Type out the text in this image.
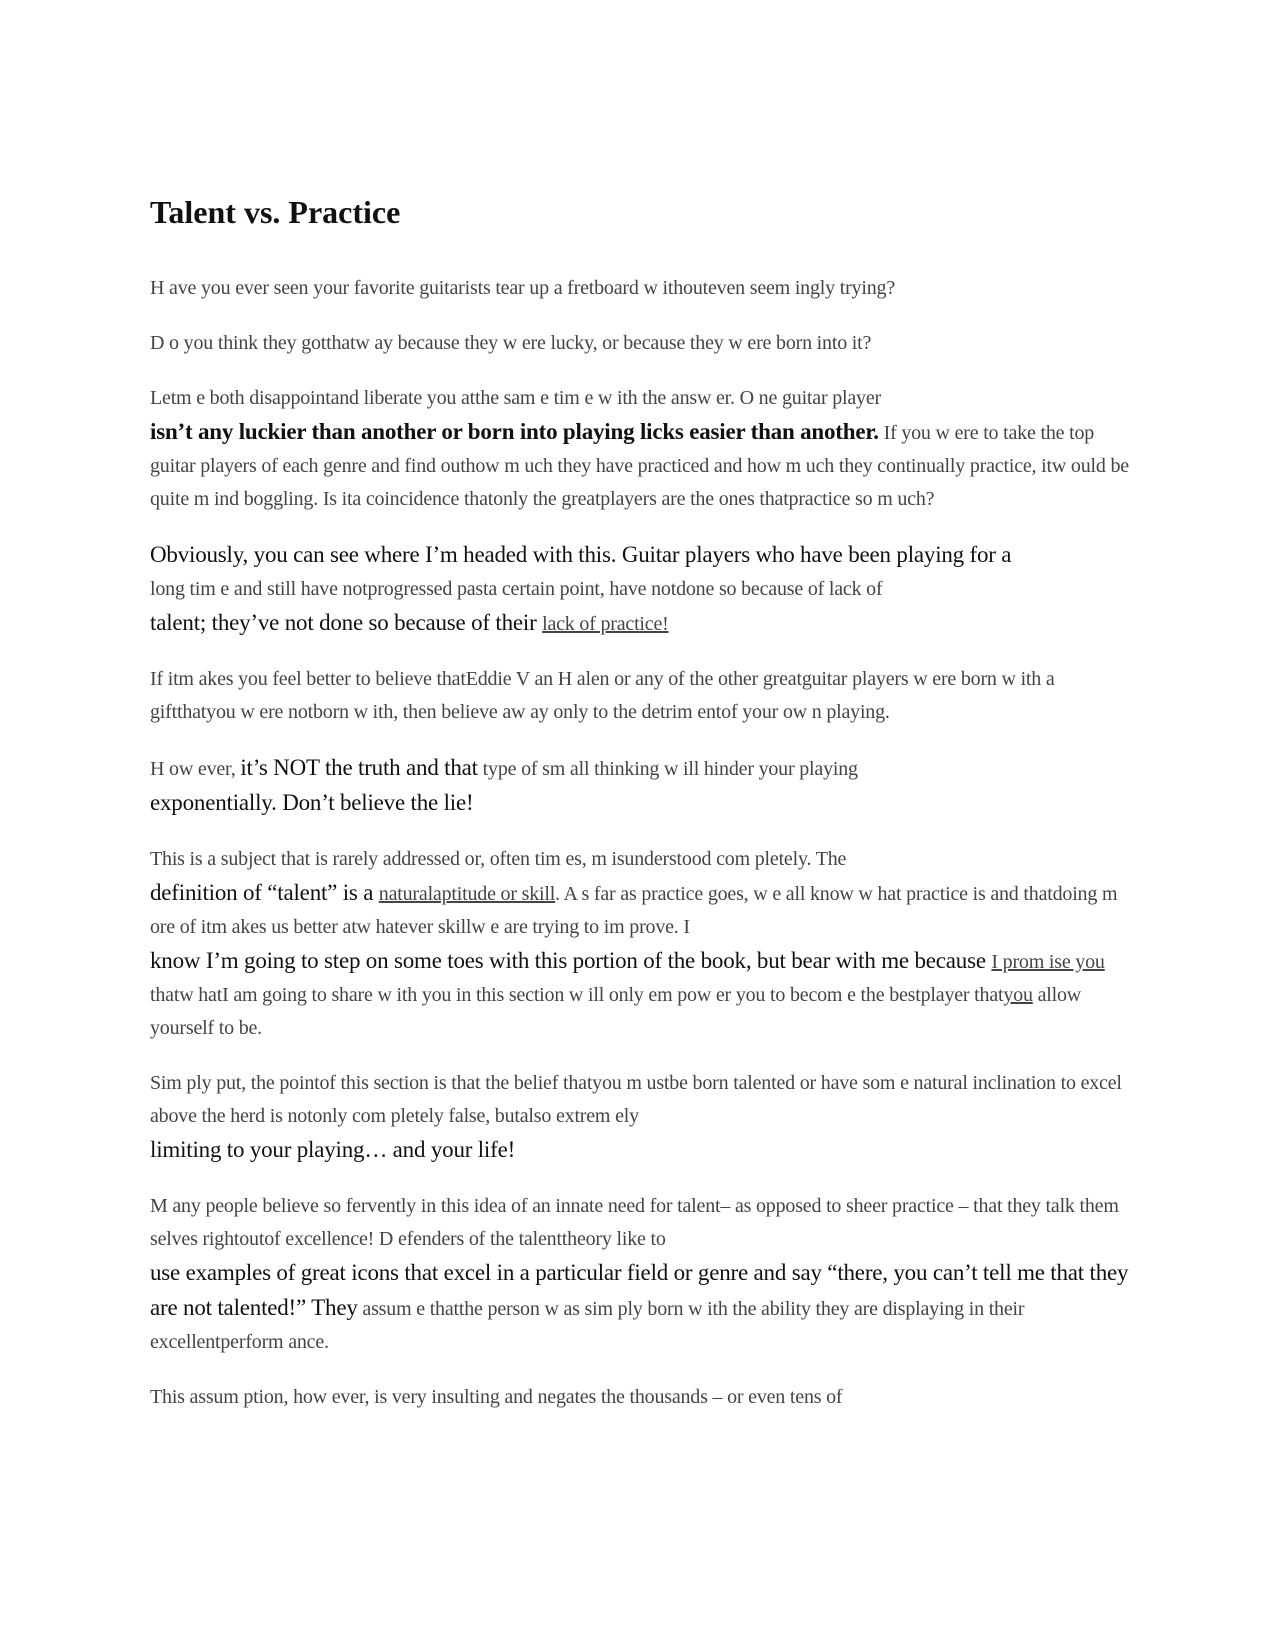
Talent vs. Practice

H ave you ever seen your favorite guitarists tear up a fretboard w ithouteven seem ingly trying?

D o you think they gotthatw ay because they w ere lucky, or because they w ere born into it?

Letm e both disappointand liberate you atthe sam e tim e w ith the answ er. O ne guitar player
isn’t any luckier than another or born into playing licks easier than another. If you w ere to take the top guitar players of each genre and find outhow m uch they have practiced and how m uch they continually practice, itw ould be quite m ind boggling. Is ita coincidence thatonly the greatplayers are the ones thatpractice so m uch?

Obviously, you can see where I’m headed with this. Guitar players who have been playing for a
long tim e and still have notprogressed pasta certain point, have notdone so because of lack of
talent; they’ve not done so because of their lack of practice!

If itm akes you feel better to believe thatEddie V an H alen or any of the other greatguitar players w ere born w ith a giftthatyou w ere notborn w ith, then believe aw ay only to the detrim entof your ow n playing.

H ow ever, it’s NOT the truth and that type of sm all thinking w ill hinder your playing
exponentially. Don’t believe the lie!

This is a subject that is rarely addressed or, often tim es, m isunderstood com pletely. The
definition of “talent” is a naturalaptitude or skill. A s far as practice goes, w e all know w hat practice is and thatdoing m ore of itm akes us better atw hatever skillw e are trying to im prove. I
know I’m going to step on some toes with this portion of the book, but bear with me because I prom ise you thatw hatI am going to share w ith you in this section w ill only em pow er you to becom e the bestplayer thatyou allow yourself to be.

Sim ply put, the pointof this section is that the belief thatyou m ustbe born talented or have som e natural inclination to excel above the herd is notonly com pletely false, butalso extrem ely
limiting to your playing… and your life!

M any people believe so fervently in this idea of an innate need for talent– as opposed to sheer practice – that they talk them selves rightoutof excellence! D efenders of the talenttheory like to
use examples of great icons that excel in a particular field or genre and say “there, you can’t tell me that they are not talented!” They assum e thatthe person w as sim ply born w ith the ability they are displaying in their excellentperform ance.

This assum ption, how ever, is very insulting and negates the thousands – or even tens of
